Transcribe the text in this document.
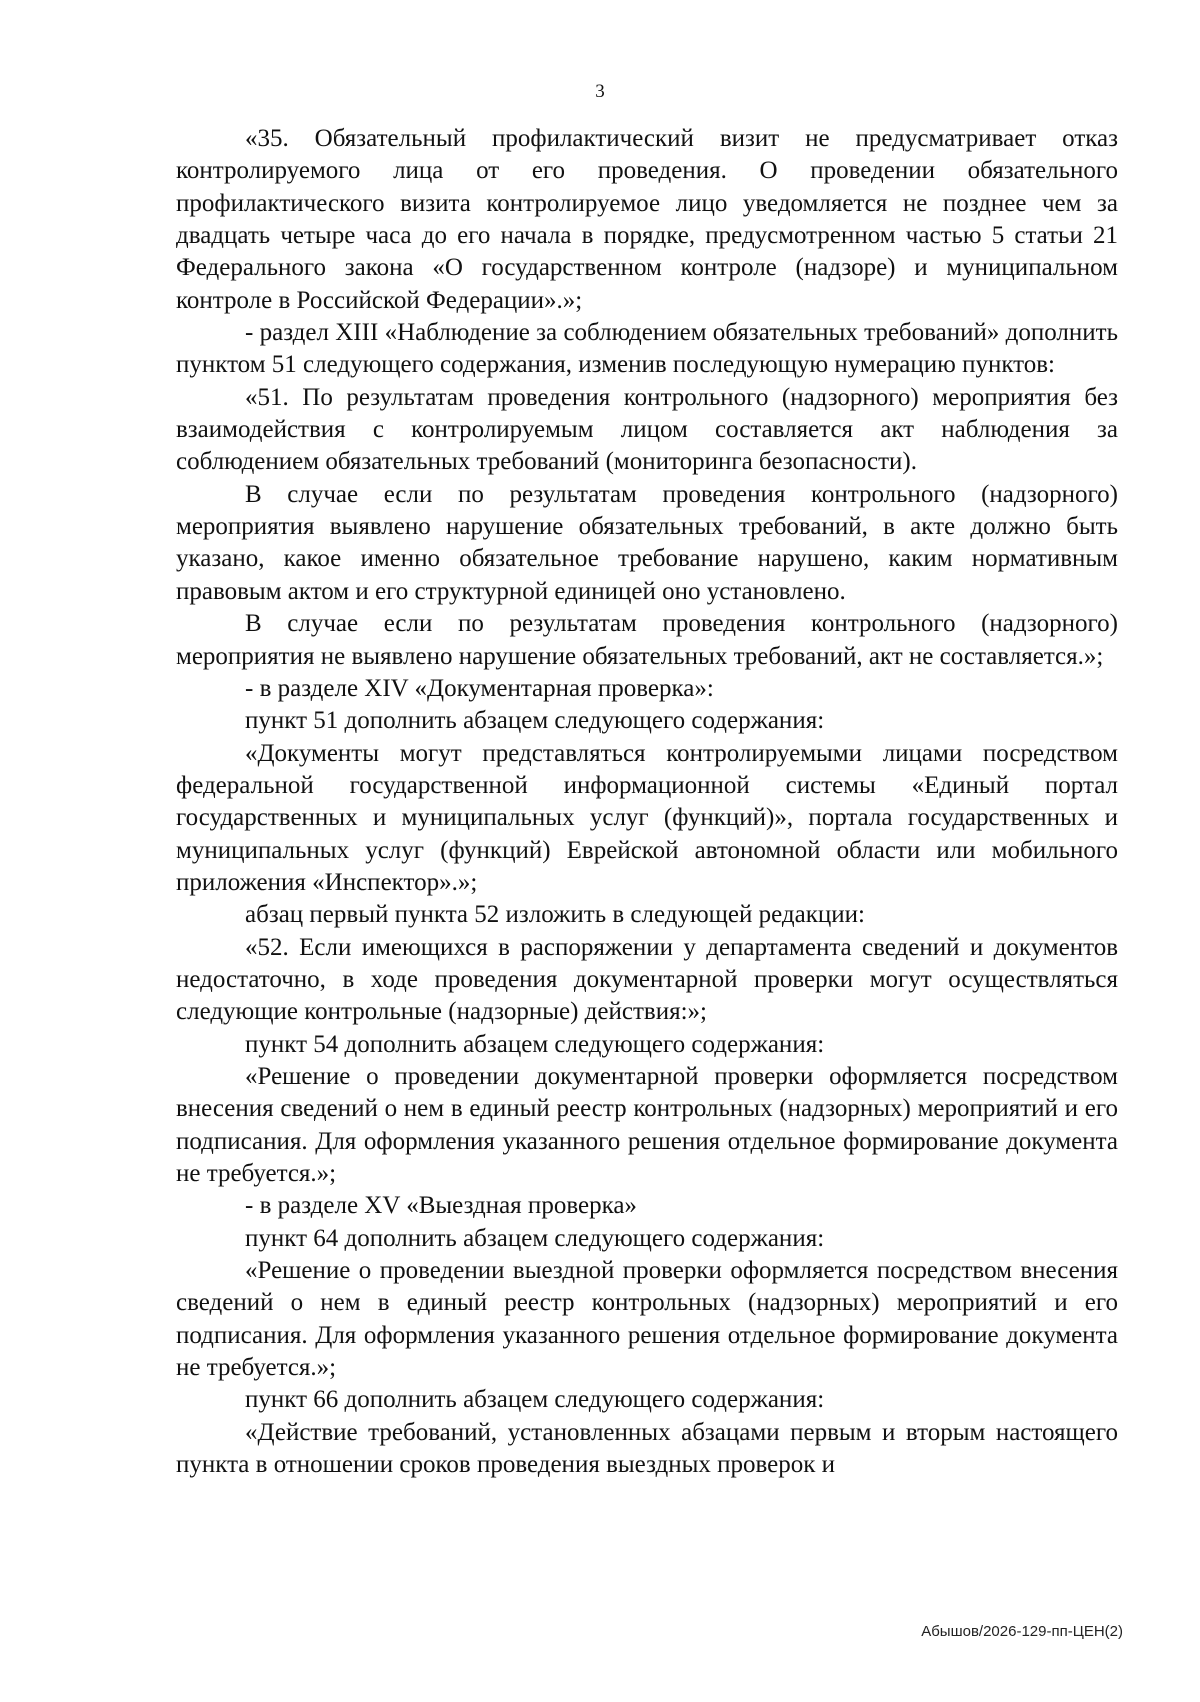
3

«35. Обязательный профилактический визит не предусматривает отказ контролируемого лица от его проведения. О проведении обязательного профилактического визита контролируемое лицо уведомляется не позднее чем за двадцать четыре часа до его начала в порядке, предусмотренном частью 5 статьи 21 Федерального закона «О государственном контроле (надзоре) и муниципальном контроле в Российской Федерации».»;

- раздел XIII «Наблюдение за соблюдением обязательных требований» дополнить пунктом 51 следующего содержания, изменив последующую нумерацию пунктов:

«51. По результатам проведения контрольного (надзорного) мероприятия без взаимодействия с контролируемым лицом составляется акт наблюдения за соблюдением обязательных требований (мониторинга безопасности).

В случае если по результатам проведения контрольного (надзорного) мероприятия выявлено нарушение обязательных требований, в акте должно быть указано, какое именно обязательное требование нарушено, каким нормативным правовым актом и его структурной единицей оно установлено.

В случае если по результатам проведения контрольного (надзорного) мероприятия не выявлено нарушение обязательных требований, акт не составляется.»;

- в разделе XIV «Документарная проверка»:

пункт 51 дополнить абзацем следующего содержания:

«Документы могут представляться контролируемыми лицами посредством федеральной государственной информационной системы «Единый портал государственных и муниципальных услуг (функций)», портала государственных и муниципальных услуг (функций) Еврейской автономной области или мобильного приложения «Инспектор».»;

абзац первый пункта 52 изложить в следующей редакции:

«52. Если имеющихся в распоряжении у департамента сведений и документов недостаточно, в ходе проведения документарной проверки могут осуществляться следующие контрольные (надзорные) действия:»;

пункт 54 дополнить абзацем следующего содержания:

«Решение о проведении документарной проверки оформляется посредством внесения сведений о нем в единый реестр контрольных (надзорных) мероприятий и его подписания. Для оформления указанного решения отдельное формирование документа не требуется.»;

- в разделе XV «Выездная проверка»

пункт 64 дополнить абзацем следующего содержания:

«Решение о проведении выездной проверки оформляется посредством внесения сведений о нем в единый реестр контрольных (надзорных) мероприятий и его подписания. Для оформления указанного решения отдельное формирование документа не требуется.»;

пункт 66 дополнить абзацем следующего содержания:

«Действие требований, установленных абзацами первым и вторым настоящего пункта в отношении сроков проведения выездных проверок и

Абышов/2026-129-пп-ЦЕН(2)
